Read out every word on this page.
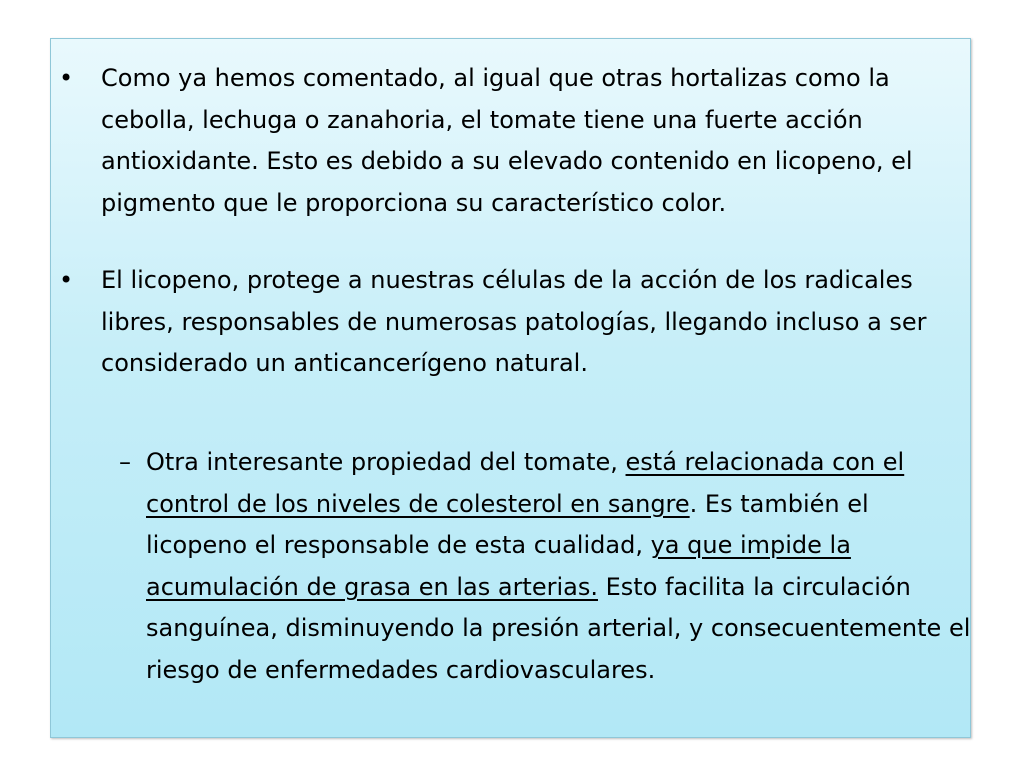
• Como ya hemos comentado, al igual que otras hortalizas como la cebolla, lechuga o zanahoria, el tomate tiene una fuerte acción antioxidante. Esto es debido a su elevado contenido en licopeno, el pigmento que le proporciona su característico color.
• El licopeno, protege a nuestras células de la acción de los radicales libres, responsables de numerosas patologías, llegando incluso a ser considerado un anticancerígeno natural.
– Otra interesante propiedad del tomate, está relacionada con el control de los niveles de colesterol en sangre. Es también el licopeno el responsable de esta cualidad, ya que impide la acumulación de grasa en las arterias. Esto facilita la circulación sanguínea, disminuyendo la presión arterial, y consecuentemente el riesgo de enfermedades cardiovasculares.
